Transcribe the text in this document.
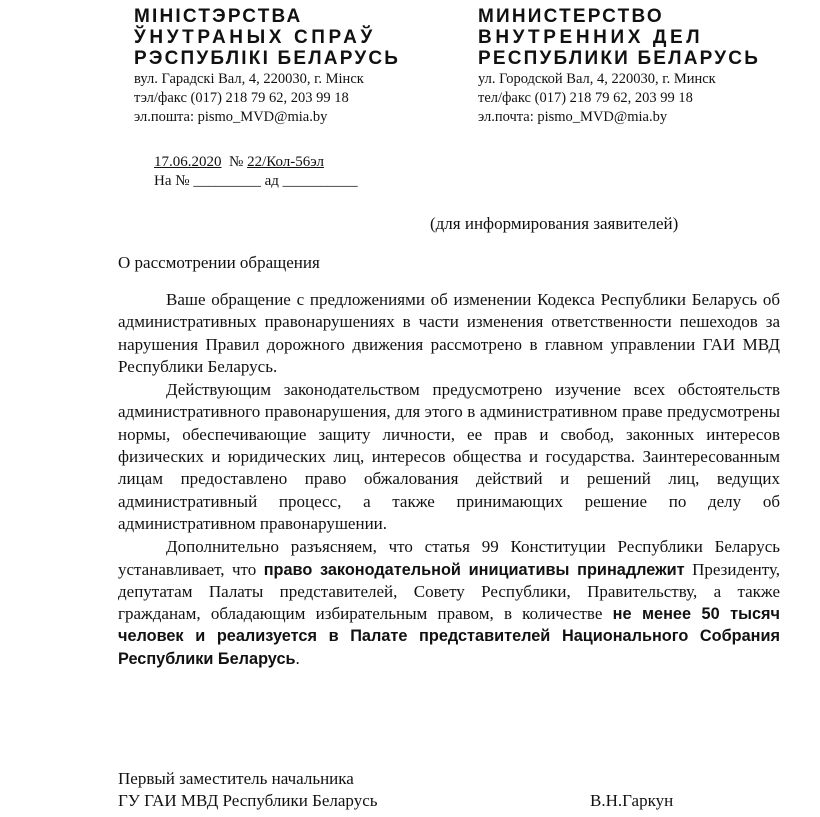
МІНІСТЭРСТВА
ЎНУТРАНЫХ СПРАЎ
РЭСПУБЛІКІ БЕЛАРУСЬ
вул. Гарадскі Вал, 4, 220030, г. Мінск
тэл/факс (017) 218 79 62, 203 99 18
эл.пошта: pismo_MVD@mia.by
МИНИСТЕРСТВО
ВНУТРЕННИХ ДЕЛ
РЕСПУБЛИКИ БЕЛАРУСЬ
ул. Городской Вал, 4, 220030, г. Минск
тел/факс (017) 218 79 62, 203 99 18
эл.почта: pismo_MVD@mia.by
17.06.2020 № 22/Кол-56эл
На № _________ ад __________
(для информирования заявителей)
О рассмотрении обращения

Ваше обращение с предложениями об изменении Кодекса Республики Беларусь об административных правонарушениях в части изменения ответственности пешеходов за нарушения Правил дорожного движения рассмотрено в главном управлении ГАИ МВД Республики Беларусь.

Действующим законодательством предусмотрено изучение всех обстоятельств административного правонарушения, для этого в административном праве предусмотрены нормы, обеспечивающие защиту личности, ее прав и свобод, законных интересов физических и юридических лиц, интересов общества и государства. Заинтересованным лицам предоставлено право обжалования действий и решений лиц, ведущих административный процесс, а также принимающих решение по делу об административном правонарушении.

Дополнительно разъясняем, что статья 99 Конституции Республики Беларусь устанавливает, что право законодательной инициативы принадлежит Президенту, депутатам Палаты представителей, Совету Республики, Правительству, а также гражданам, обладающим избирательным правом, в количестве не менее 50 тысяч человек и реализуется в Палате представителей Национального Собрания Республики Беларусь.

Первый заместитель начальника
ГУ ГАИ МВД Республики Беларусь	В.Н.Гаркун
